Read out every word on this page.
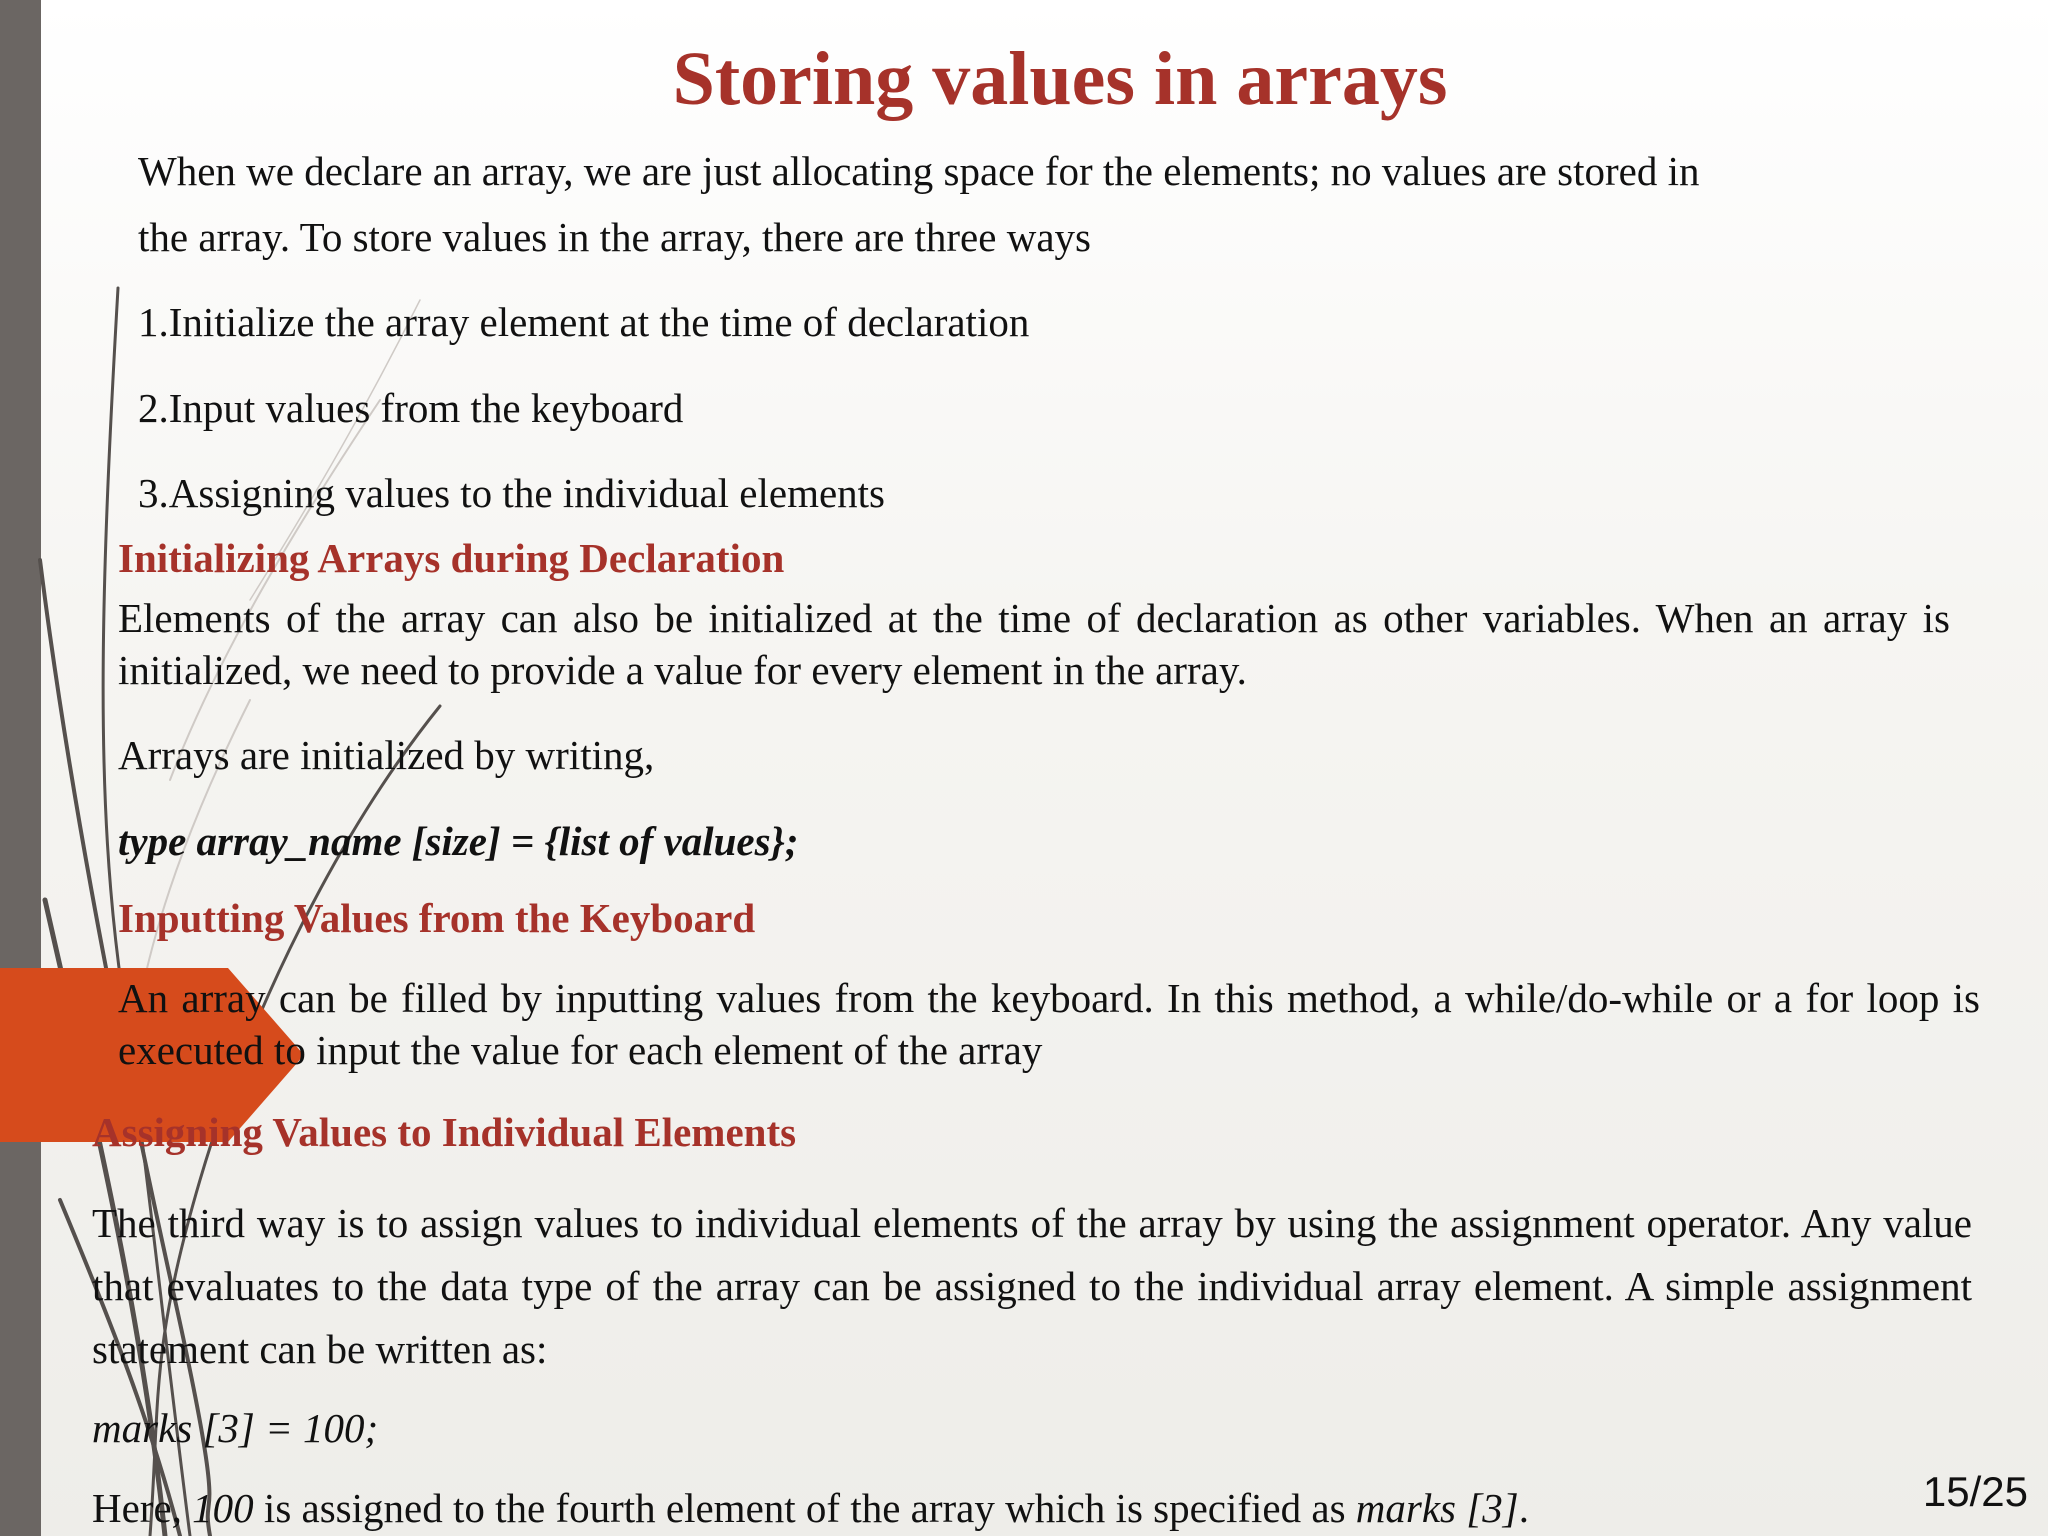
Storing values in arrays

When we declare an array, we are just allocating space for the elements; no values are stored in

the array. To store values in the array, there are three ways

1.Initialize the array element at the time of declaration

2.Input values from the keyboard

3.Assigning values to the individual elements

Initializing Arrays during Declaration

Elements of the array can also be initialized at the time of declaration as other variables. When an array is initialized, we need to provide a value for every element in the array.

Arrays are initialized by writing,

type array_name [size] = {list of values};

Inputting Values from the Keyboard

An array can be filled by inputting values from the keyboard. In this method, a while/do-while or a for loop is executed to input the value for each element of the array

Assigning Values to Individual Elements

The third way is to assign values to individual elements of the array by using the assignment operator. Any value that evaluates to the data type of the array can be assigned to the individual array element. A simple assignment statement can be written as:

marks [3] = 100;

Here, 100 is assigned to the fourth element of the array which is specified as marks [3].	15/25
